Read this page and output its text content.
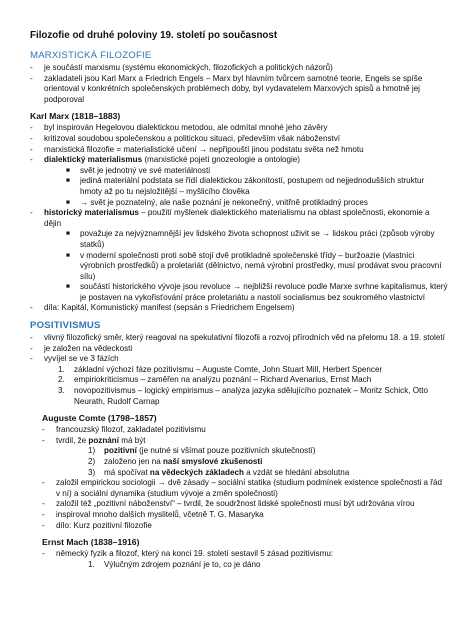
Filozofie od druhé poloviny 19. století po současnost
MARXISTICKÁ FILOZOFIE
- je součástí marxismu (systému ekonomických, filozofických a politických názorů)
- zakladateli jsou Karl Marx a Friedrich Engels – Marx byl hlavním tvůrcem samotné teorie, Engels se spíše orientoval v konkrétních společenských problémech doby, byl vydavatelem Marxových spisů a hmotně jej podporoval
Karl Marx (1818–1883)
- byl inspirován Hegelovou dialektickou metodou, ale odmítal mnohé jeho závěry
- kritizoval soudobou společenskou a politickou situaci, především však náboženství
- marxistická filozofie = materialistické učení → nepřipouští jinou podstatu světa než hmotu
- dialektický materialismus (marxistické pojetí gnozeologie a ontologie)
■ svět je jednotný ve své materiálnosti
■ jediná materiální podstata se řídí dialektickou zákonitostí, postupem od nejjednodušších struktur hmoty až po tu nejsložitější – myšlicího člověka
■ → svět je poznatelný, ale naše poznání je nekonečný, vnitřně protikladný proces
- historický materialismus – použití myšlenek dialektického materialismu na oblast společnosti, ekonomie a dějin
■ považuje za nejvýznamnější jev lidského života schopnost uživit se → lidskou práci (způsob výroby statků)
■ v moderní společnosti proti sobě stojí dvě protikladné společenské třídy – buržoazie (vlastníci výrobních prostředků) a proletariát (dělnictvo, nemá výrobní prostředky, musí prodávat svou pracovní sílu)
■ součástí historického vývoje jsou revoluce → nejbližší revoluce podle Marxe svrhne kapitalismus, který je postaven na vykořisťování práce proletariátu a nastolí socialismus bez soukromého vlastnictví
- díla: Kapitál, Komunistický manifest (sepsán s Friedrichem Engelsem)
POSITIVISMUS
- vlivný filozofický směr, který reagoval na spekulativní filozofii a rozvoj přírodních věd na přelomu 18. a 19. století
- je založen na vědeckosti
- vyvíjel se ve 3 fázích
1. základní výchozí fáze pozitivismu – Auguste Comte, John Stuart Mill, Herbert Spencer
2. empiriokriticismus – zaměřen na analýzu poznání – Richard Avenarius, Ernst Mach
3. novopozitivismus – logický empirismus – analýza jazyka sdělujícího poznatek – Moritz Schick, Otto Neurath, Rudolf Carnap
Auguste Comte (1798–1857)
- francouzský filozof, zakladatel pozitivismu
- tvrdil, že poznání má být
1) pozitivní (je nutné si všímat pouze pozitivních skutečností)
2) založeno jen na naší smyslové zkušenosti
3) má spočívat na vědeckých základech a vzdát se hledání absolutna
- založil empirickou sociologii → dvě zásady – sociální statika (studium podmínek existence společnosti a řád v ní) a sociální dynamika (studium vývoje a změn společnosti)
- založil též „pozitivní náboženství“ – tvrdil, že soudržnost lidské společnosti musí být udržována vírou
- inspiroval mnoho dalších myslitelů, včetně T. G. Masaryka
- dílo: Kurz pozitivní filozofie
Ernst Mach (1838–1916)
- německý fyzik a filozof, který na konci 19. století sestavil 5 zásad pozitivismu:
1. Výlučným zdrojem poznání je to, co je dáno
